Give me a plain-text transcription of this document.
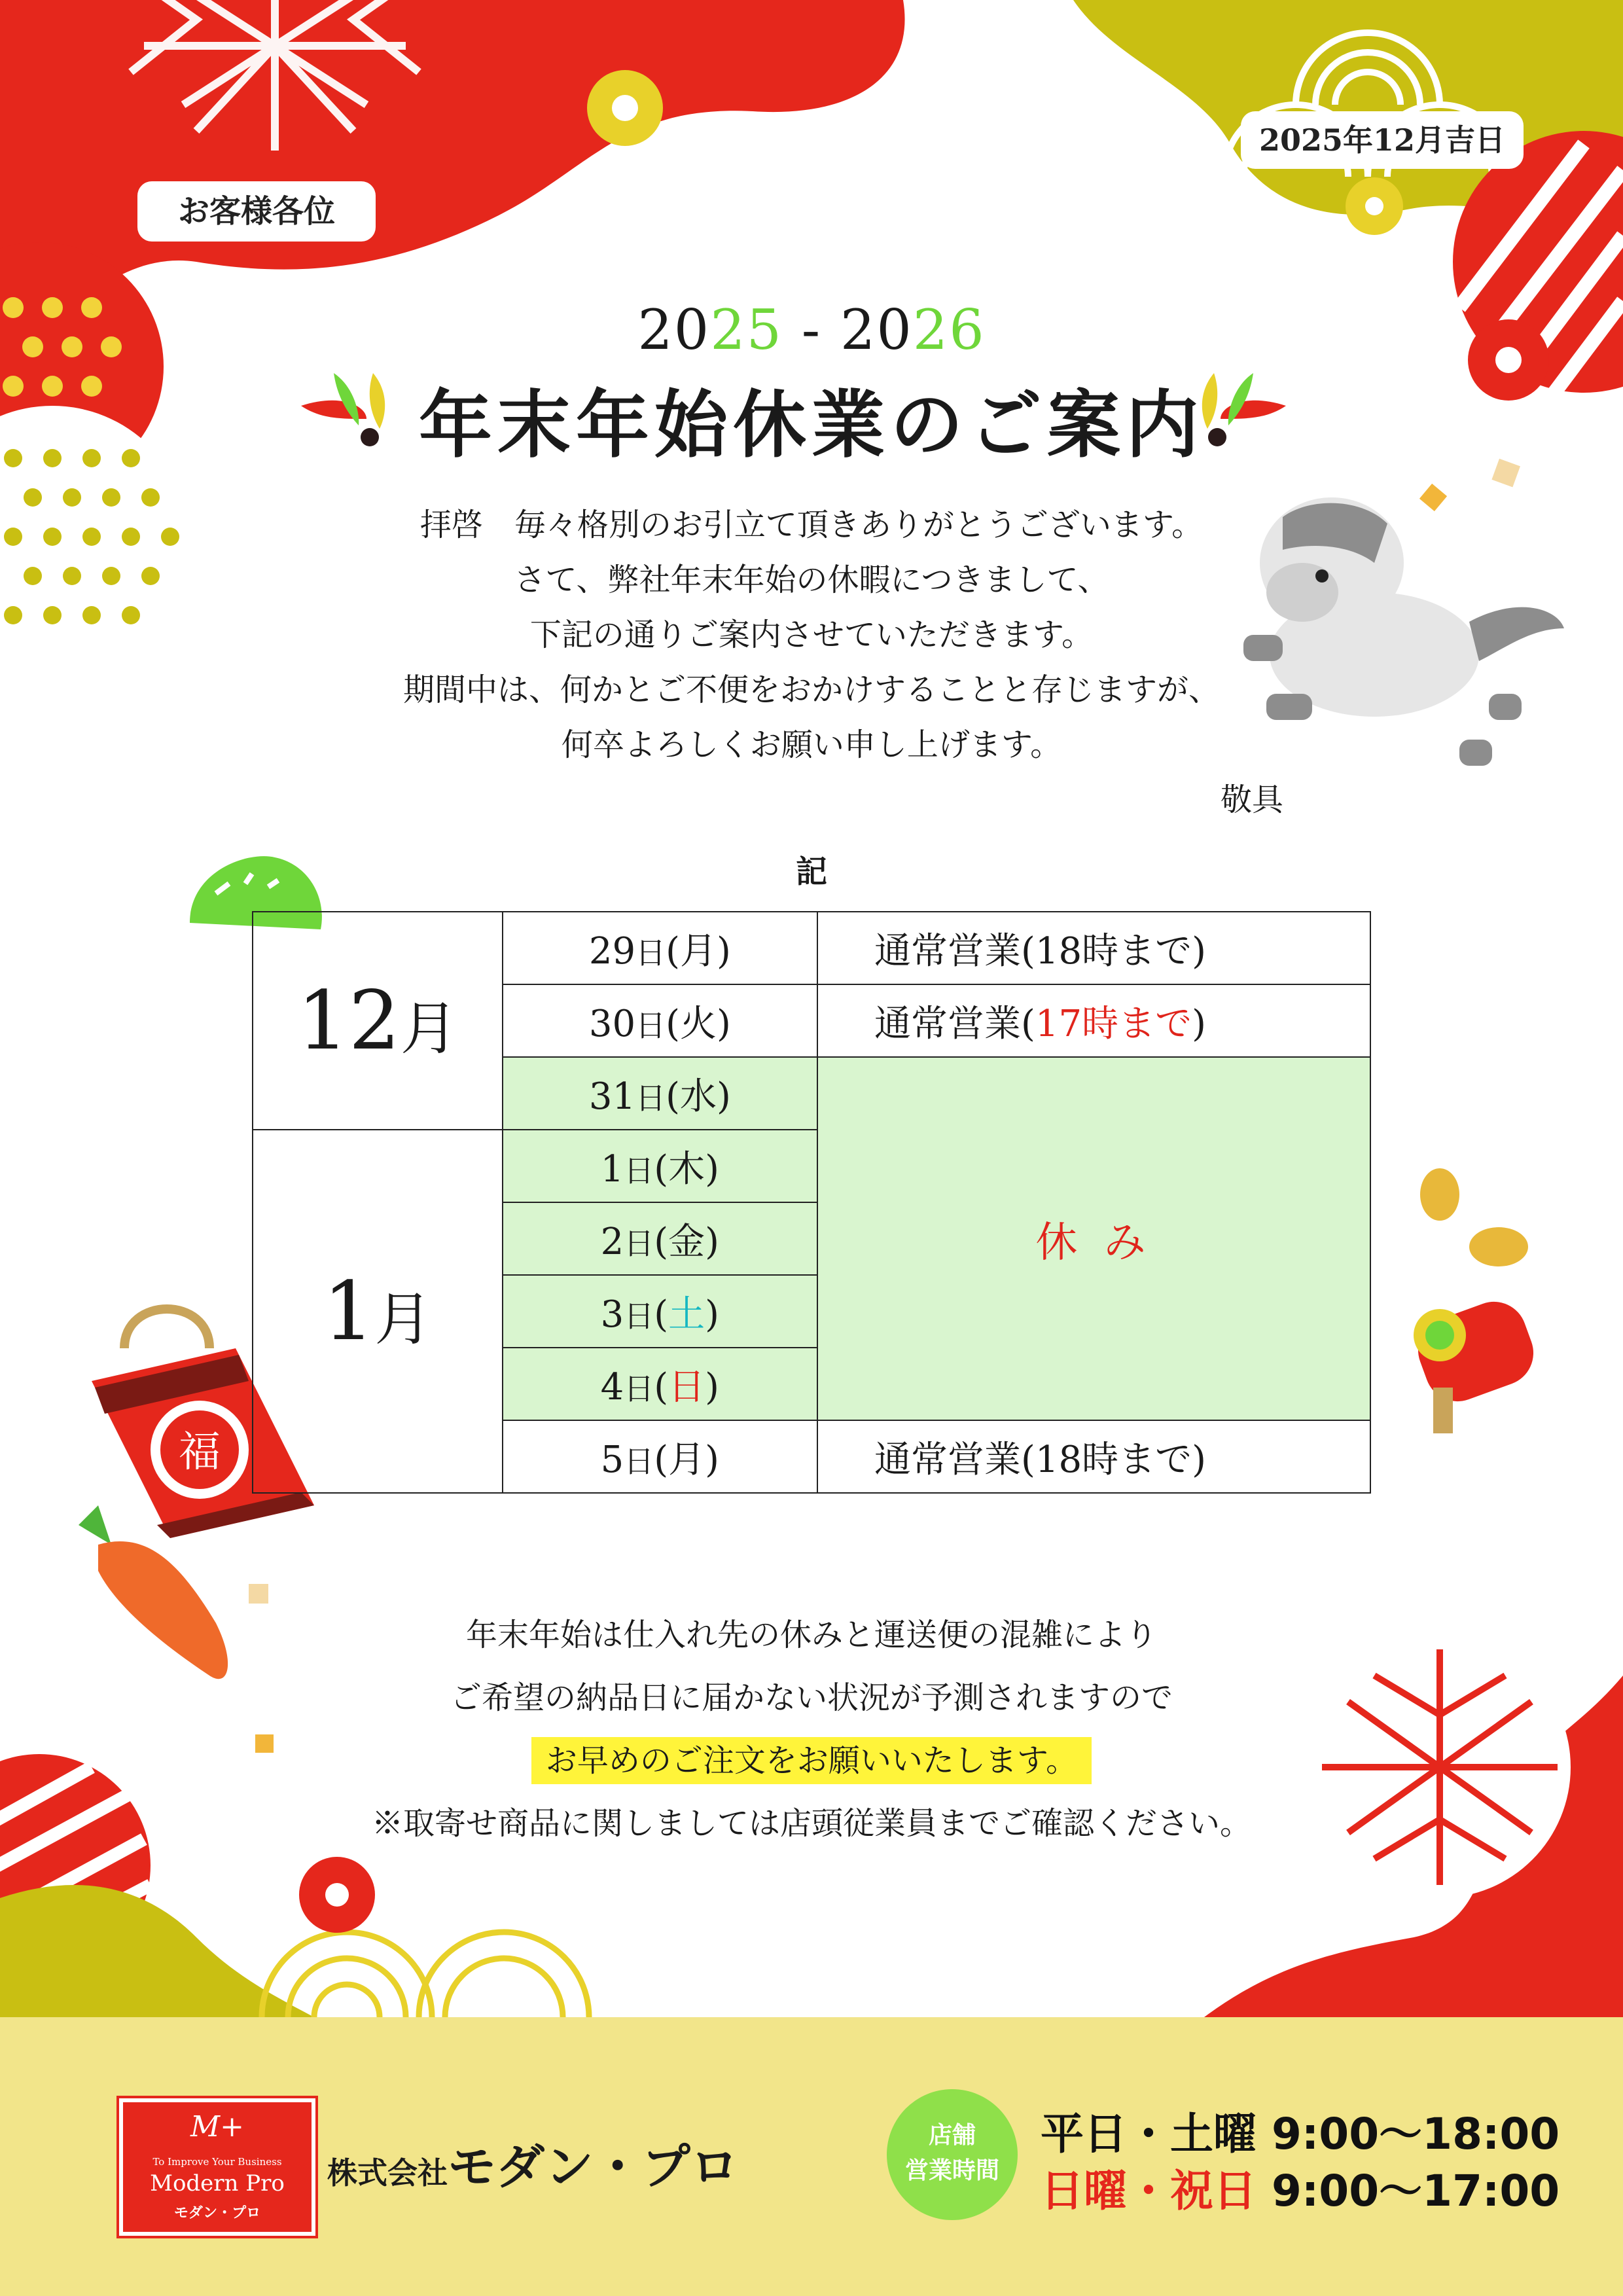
福
お客様各位
2025年12月吉日
2025 - 2026
年末年始休業のご案内
拝啓　毎々格別のお引立て頂きありがとうございます。
さて、弊社年末年始の休暇につきまして、
下記の通りご案内させていただきます。
期間中は、何かとご不便をおかけすることと存じますが、
何卒よろしくお願い申し上げます。
敬具
記
12月	29日(月)	通常営業(18時まで)
	30日(火)	通常営業(17時まで)
	31日(水)	休 み
1月	1日(木)	
	2日(金)	
	3日(土)	
	4日(日)	
	5日(月)	通常営業(18時まで)
年末年始は仕入れ先の休みと運送便の混雑により
ご希望の納品日に届かない状況が予測されますので
お早めのご注文をお願いいたします。
※取寄せ商品に関しましては店頭従業員までご確認ください。
M+
To Improve Your Business
Modern Pro
モダン・プロ
株式会社モダン・プロ
店舗
営業時間
平日・土曜 9:00〜18:00
日曜・祝日 9:00〜17:00
